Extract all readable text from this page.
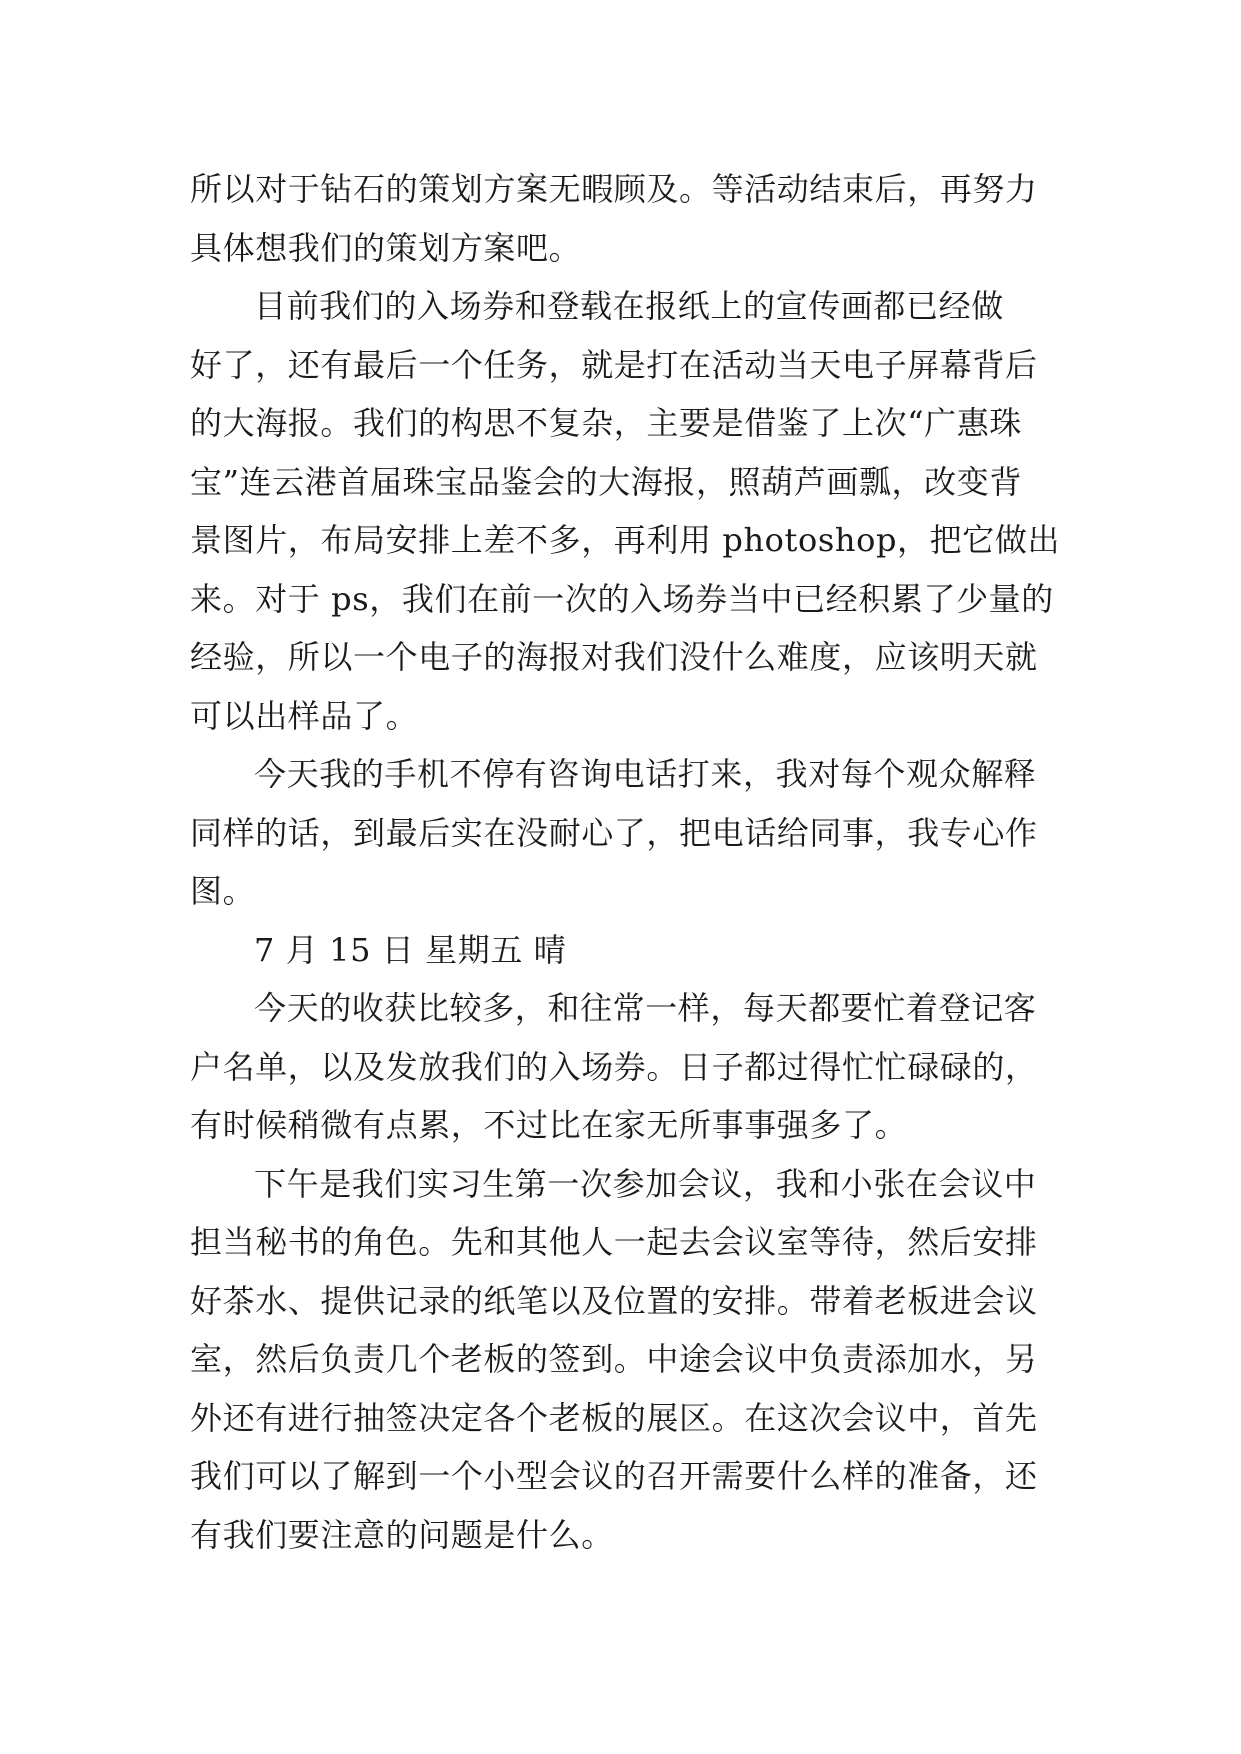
所以对于钻石的策划方案无暇顾及。等活动结束后，再努力
具体想我们的策划方案吧。
目前我们的入场券和登载在报纸上的宣传画都已经做
好了，还有最后一个任务，就是打在活动当天电子屏幕背后
的大海报。我们的构思不复杂，主要是借鉴了上次“广惠珠
宝”连云港首届珠宝品鉴会的大海报，照葫芦画瓢，改变背
景图片，布局安排上差不多，再利用 photoshop，把它做出
来。对于 ps，我们在前一次的入场券当中已经积累了少量的
经验，所以一个电子的海报对我们没什么难度，应该明天就
可以出样品了。
今天我的手机不停有咨询电话打来，我对每个观众解释
同样的话，到最后实在没耐心了，把电话给同事，我专心作
图。
7 月 15 日 星期五 晴
今天的收获比较多，和往常一样，每天都要忙着登记客
户名单，以及发放我们的入场券。日子都过得忙忙碌碌的，
有时候稍微有点累，不过比在家无所事事强多了。
下午是我们实习生第一次参加会议，我和小张在会议中
担当秘书的角色。先和其他人一起去会议室等待，然后安排
好茶水、提供记录的纸笔以及位置的安排。带着老板进会议
室，然后负责几个老板的签到。中途会议中负责添加水，另
外还有进行抽签决定各个老板的展区。在这次会议中，首先
我们可以了解到一个小型会议的召开需要什么样的准备，还
有我们要注意的问题是什么。
